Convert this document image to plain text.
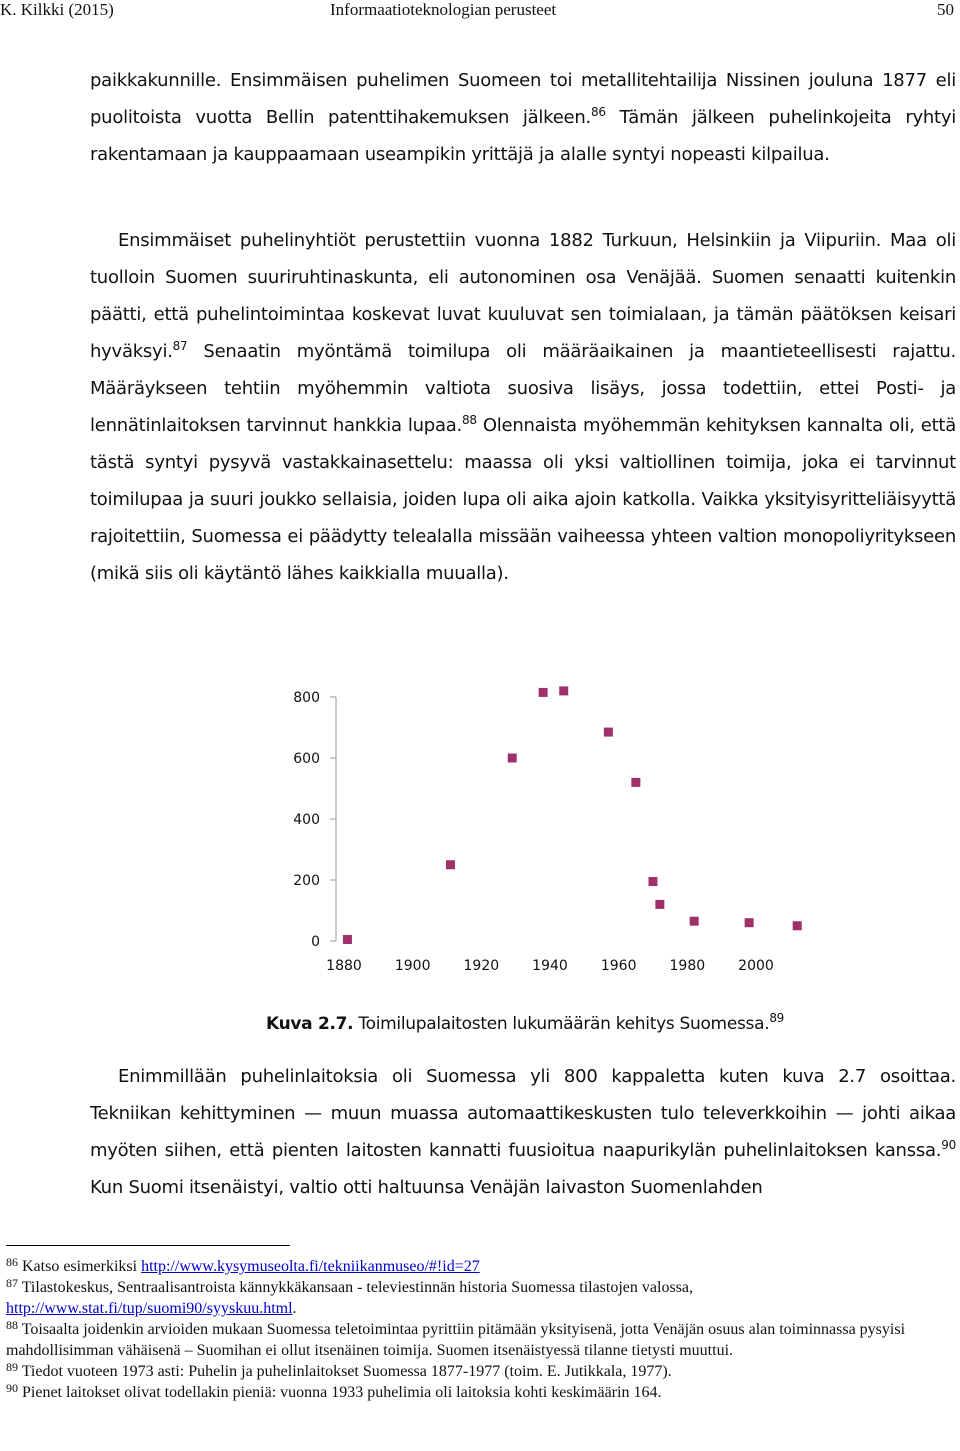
K. Kilkki (2015)	Informaatioteknologian perusteet	50

paikkakunnille. Ensimmäisen puhelimen Suomeen toi metallitehtailija Nissinen jouluna 1877 eli puolitoista vuotta Bellin patenttihakemuksen jälkeen.$^{86}$ Tämän jälkeen puhelinkojeita ryhtyi rakentamaan ja kauppaamaan useampikin yrittäjä ja alalle syntyi nopeasti kilpailua.

Ensimmäiset puhelinyhtiöt perustettiin vuonna 1882 Turkuun, Helsinkiin ja Viipuriin. Maa oli tuolloin Suomen suuriruhtinaskunta, eli autonominen osa Venäjää. Suomen senaatti kuitenkin päätti, että puhelintoimintaa koskevat luvat kuuluvat sen toimialaan, ja tämän päätöksen keisari hyväksyi.$^{87}$ Senaatin myöntämä toimilupa oli määräaikainen ja maantieteellisesti rajattu. Määräykseen tehtiin myöhemmin valtiota suosiva lisäys, jossa todettiin, ettei Posti- ja lennätinlaitoksen tarvinnut hankkia lupaa.$^{88}$ Olennaista myöhemmän kehityksen kannalta oli, että tästä syntyi pysyvä vastakkainasettelu: maassa oli yksi valtiollinen toimija, joka ei tarvinnut toimilupaa ja suuri joukko sellaisia, joiden lupa oli aika ajoin katkolla. Vaikka yksityisyritteliäisyyttä rajoitettiin, Suomessa ei päädytty telealalla missään vaiheessa yhteen valtion monopoliyritykseen (mikä siis oli käytäntö lähes kaikkialla muualla).

0
200
400
600
800
1880 1900 1920 1940 1960 1980 2000
Kuva 2.7. Toimilupalaitosten lukumäärän kehitys Suomessa.$^{89}$

Enimmillään puhelinlaitoksia oli Suomessa yli 800 kappaletta kuten kuva 2.7 osoittaa. Tekniikan kehittyminen — muun muassa automaattikeskusten tulo televerkkoihin — johti aikaa myöten siihen, että pienten laitosten kannatti fuusioitua naapurikylän puhelinlaitoksen kanssa.$^{90}$ Kun Suomi itsenäistyi, valtio otti haltuunsa Venäjän laivaston Suomenlahden

$^{86}$ Katso esimerkiksi http://www.kysymuseolta.fi/tekniikanmuseo/#!id=27

$^{87}$ Tilastokeskus, Sentraalisantroista kännykkäkansaan - televiestinnän historia Suomessa tilastojen valossa, http://www.stat.fi/tup/suomi90/syyskuu.html.

$^{88}$ Toisaalta joidenkin arvioiden mukaan Suomessa teletoimintaa pyrittiin pitämään yksityisenä, jotta Venäjän osuus alan toiminnassa pysyisi mahdollisimman vähäisenä – Suomihan ei ollut itsenäinen toimija. Suomen itsenäistyessä tilanne tietysti muuttui.

$^{89}$ Tiedot vuoteen 1973 asti: Puhelin ja puhelinlaitokset Suomessa 1877-1977 (toim. E. Jutikkala, 1977).

$^{90}$ Pienet laitokset olivat todellakin pieniä: vuonna 1933 puhelimia oli laitoksia kohti keskimäärin 164.
